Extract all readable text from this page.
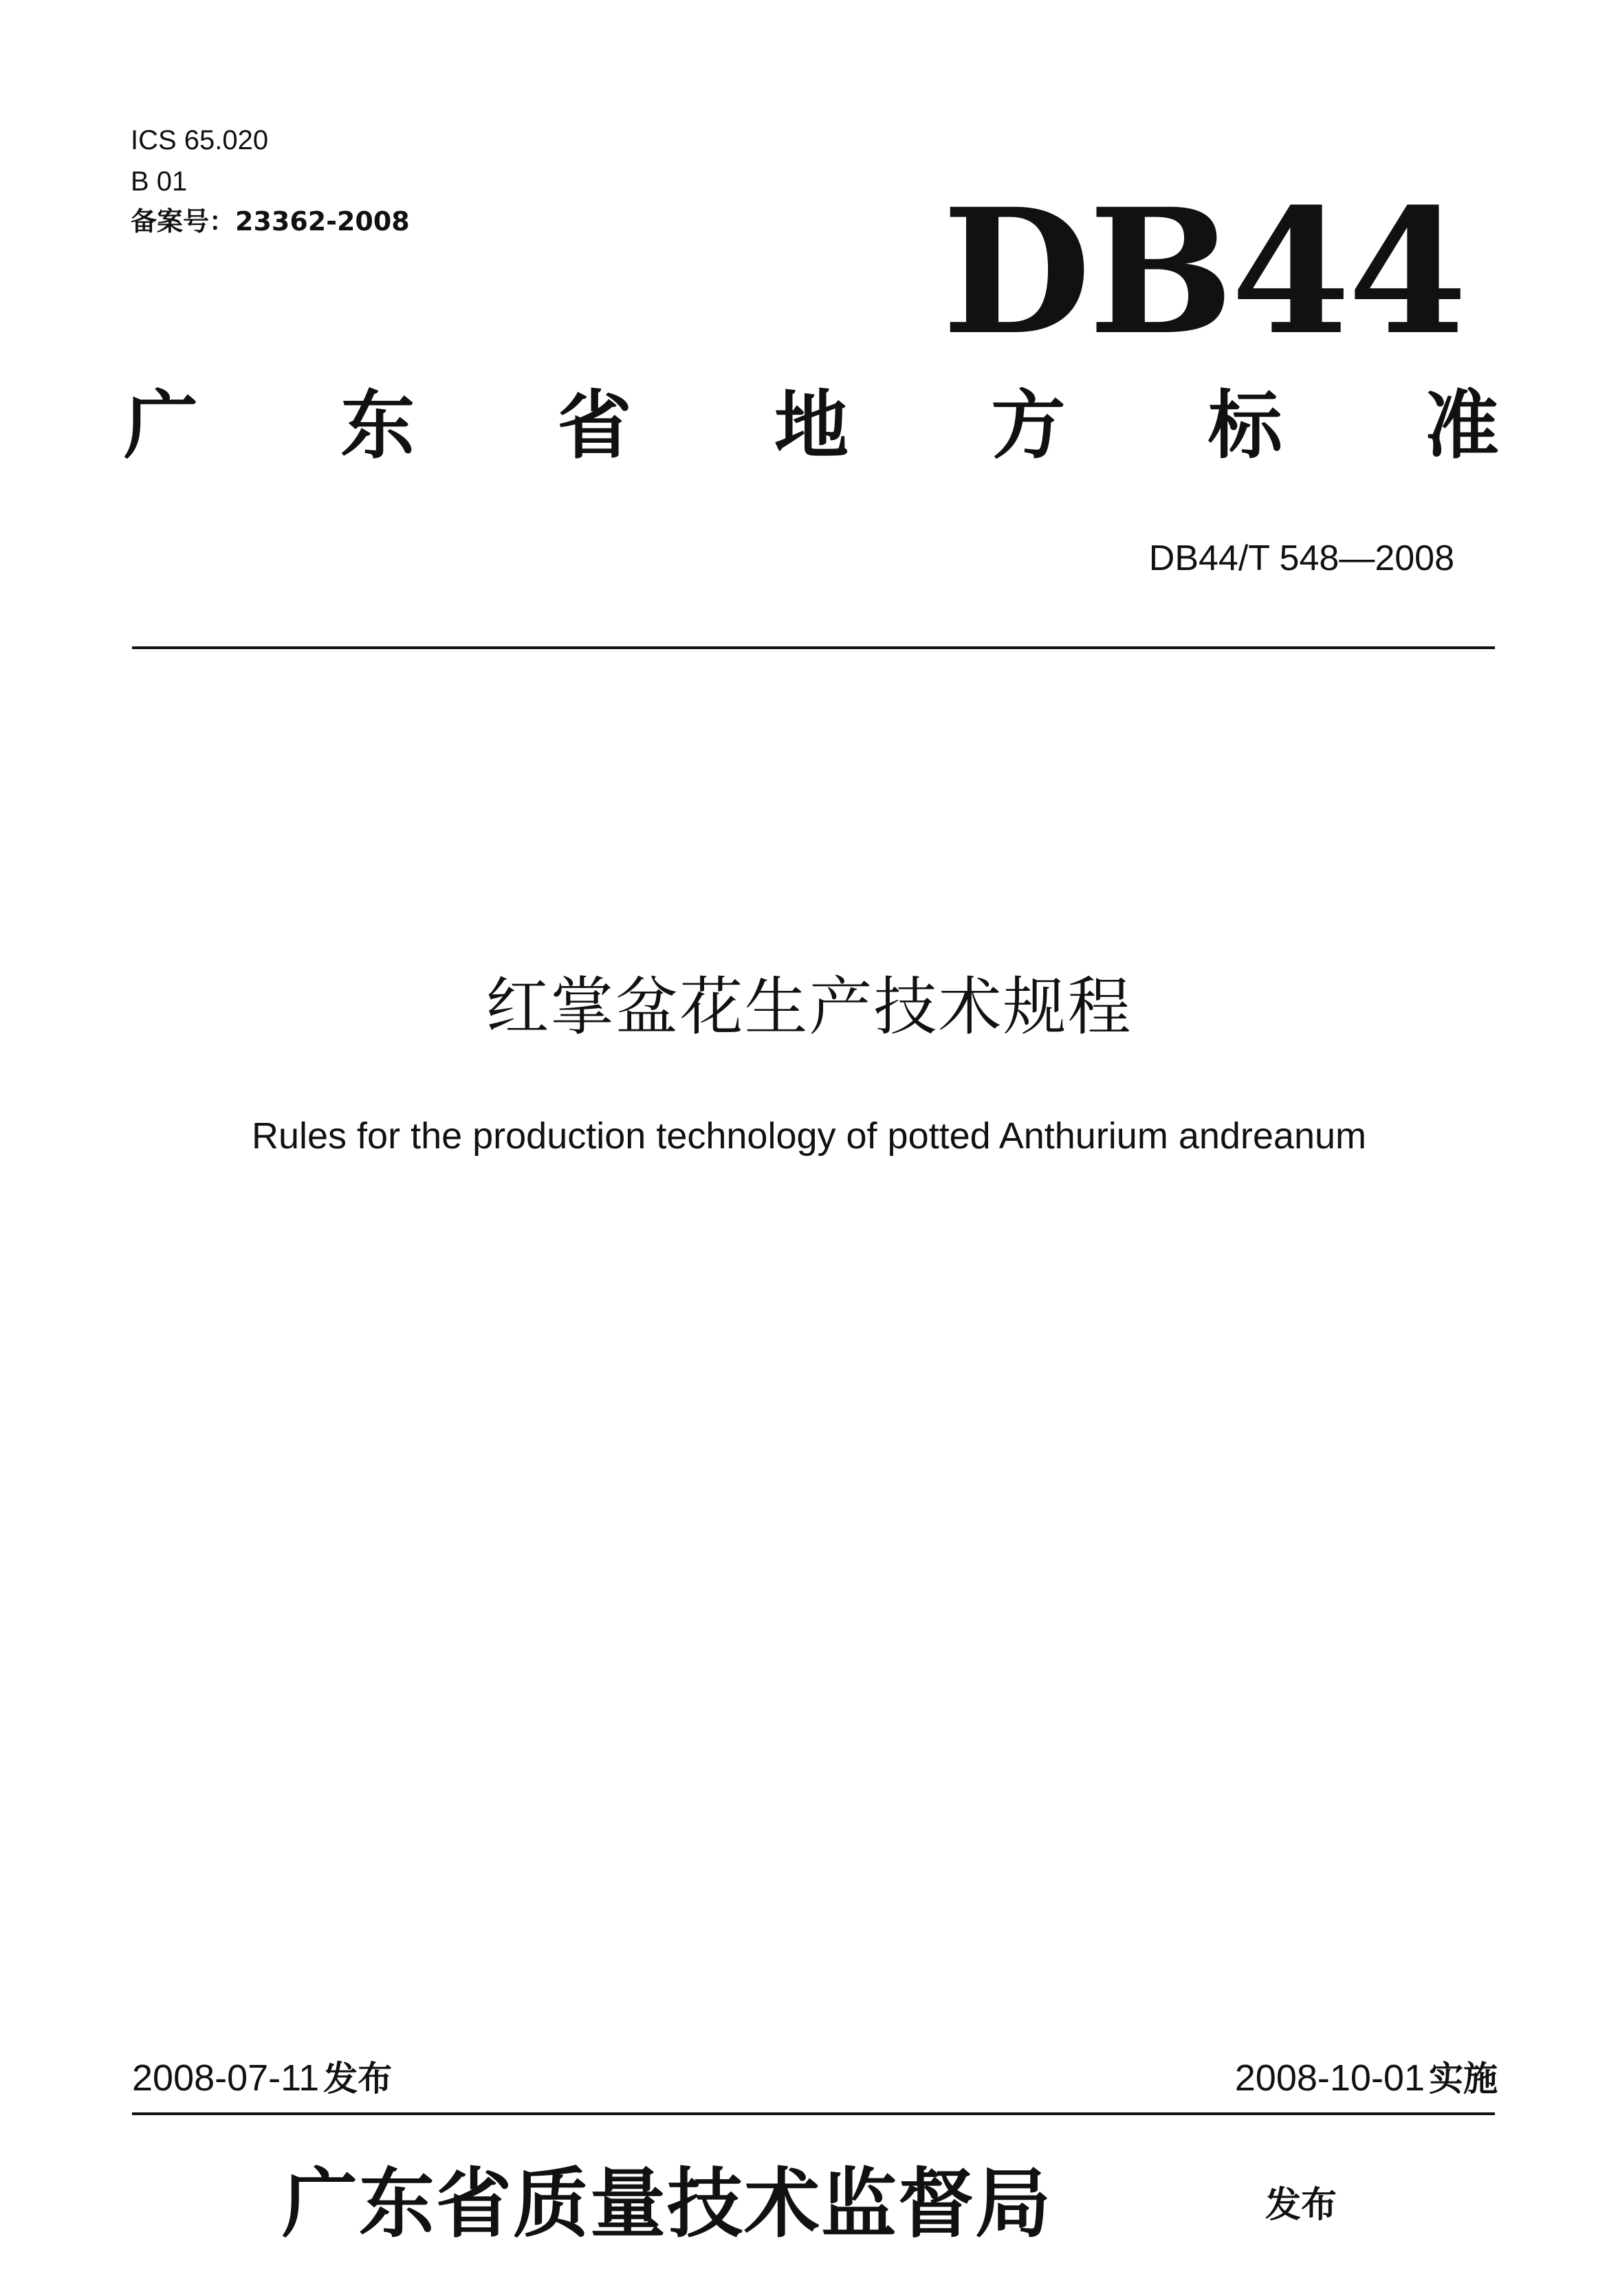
ICS 65.020
B 01
备案号：23362-2008	DB44
广 东 省 地 方 标 准
DB44/T 548—2008
红掌盆花生产技术规程
Rules for the production technology of potted Anthurium andreanum
2008-07-11 发布	2008-10-01 实施
广东省质量技术监督局	发布
